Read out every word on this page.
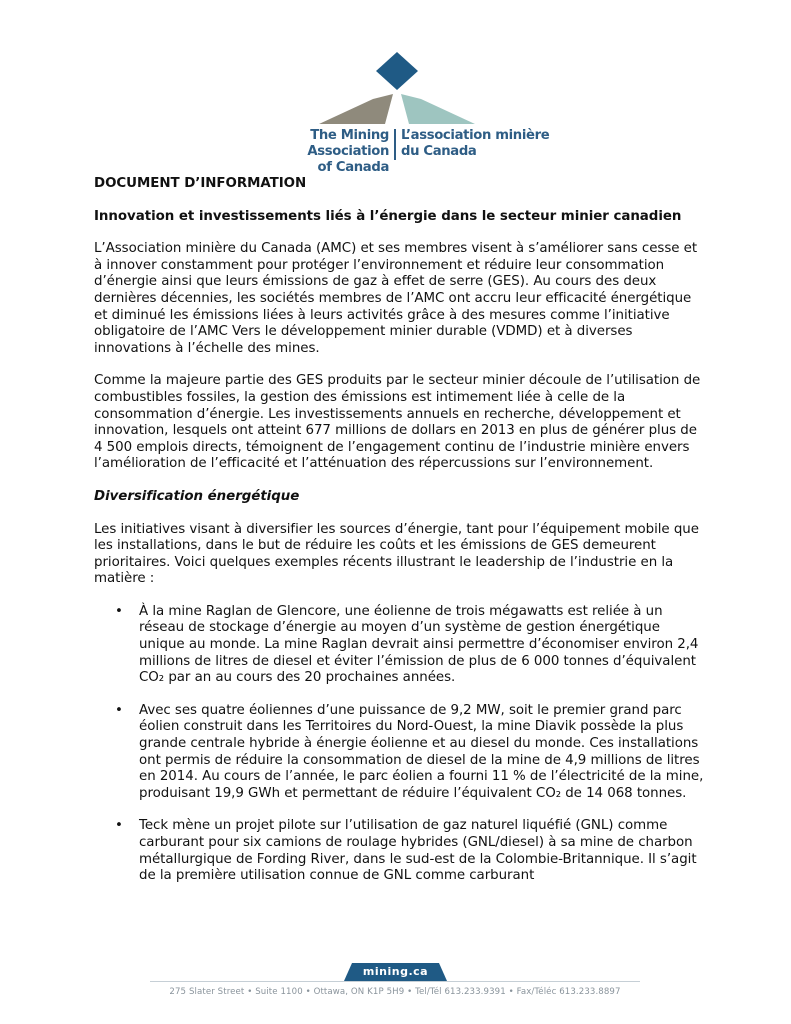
The Mining Association
of Canada
L’association minière
du Canada
DOCUMENT D’INFORMATION
Innovation et investissements liés à l’énergie dans le secteur minier canadien

L’Association minière du Canada (AMC) et ses membres visent à s’améliorer sans cesse et à innover constamment pour protéger l’environnement et réduire leur consommation d’énergie ainsi que leurs émissions de gaz à effet de serre (GES). Au cours des deux dernières décennies, les sociétés membres de l’AMC ont accru leur efficacité énergétique et diminué les émissions liées à leurs activités grâce à des mesures comme l’initiative obligatoire de l’AMC Vers le développement minier durable (VDMD) et à diverses innovations à l’échelle des mines.

Comme la majeure partie des GES produits par le secteur minier découle de l’utilisation de combustibles fossiles, la gestion des émissions est intimement liée à celle de la consommation d’énergie. Les investissements annuels en recherche, développement et innovation, lesquels ont atteint 677 millions de dollars en 2013 en plus de générer plus de 4 500 emplois directs, témoignent de l’engagement continu de l’industrie minière envers l’amélioration de l’efficacité et l’atténuation des répercussions sur l’environnement.

Diversification énergétique

Les initiatives visant à diversifier les sources d’énergie, tant pour l’équipement mobile que les installations, dans le but de réduire les coûts et les émissions de GES demeurent prioritaires. Voici quelques exemples récents illustrant le leadership de l’industrie en la matière :

• À la mine Raglan de Glencore, une éolienne de trois mégawatts est reliée à un réseau de stockage d’énergie au moyen d’un système de gestion énergétique unique au monde. La mine Raglan devrait ainsi permettre d’économiser environ 2,4 millions de litres de diesel et éviter l’émission de plus de 6 000 tonnes d’équivalent CO₂ par an au cours des 20 prochaines années.
• Avec ses quatre éoliennes d’une puissance de 9,2 MW, soit le premier grand parc éolien construit dans les Territoires du Nord-Ouest, la mine Diavik possède la plus grande centrale hybride à énergie éolienne et au diesel du monde. Ces installations ont permis de réduire la consommation de diesel de la mine de 4,9 millions de litres en 2014. Au cours de l’année, le parc éolien a fourni 11 % de l’électricité de la mine, produisant 19,9 GWh et permettant de réduire l’équivalent CO₂ de 14 068 tonnes.
• Teck mène un projet pilote sur l’utilisation de gaz naturel liquéfié (GNL) comme carburant pour six camions de roulage hybrides (GNL/diesel) à sa mine de charbon métallurgique de Fording River, dans le sud-est de la Colombie-Britannique. Il s’agit de la première utilisation connue de GNL comme carburant
mining.ca
275 Slater Street • Suite 1100 • Ottawa, ON K1P 5H9 • Tel/Tél 613.233.9391 • Fax/Téléc 613.233.8897
